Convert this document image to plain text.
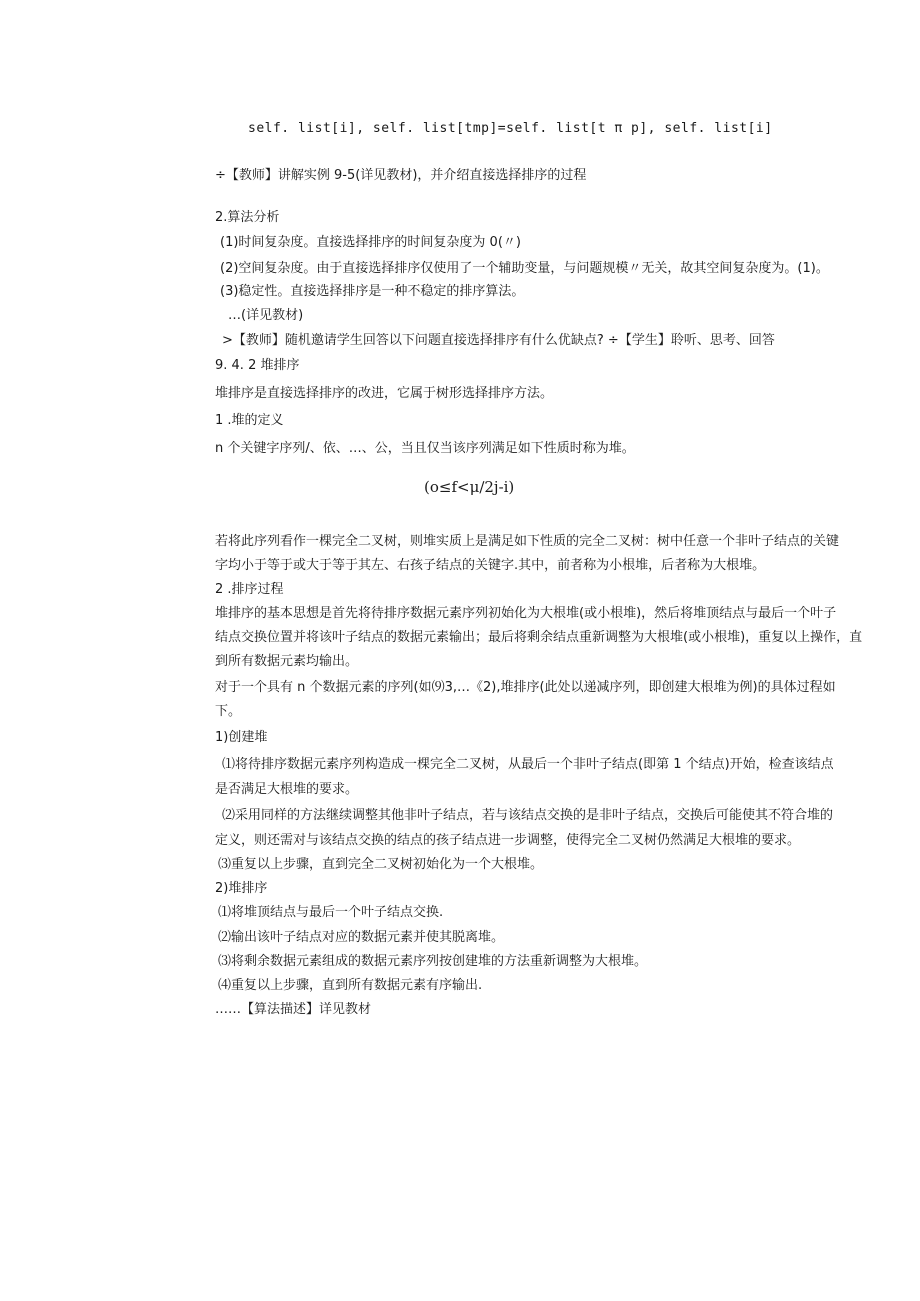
self. list[i], self. list[tmp]=self. list[t π p], self. list[i]
÷【教师】讲解实例 9-5(详见教材)，并介绍直接选择排序的过程
2.算法分析
(1)时间复杂度。直接选择排序的时间复杂度为 0(〃)
(2)空间复杂度。由于直接选择排序仅使用了一个辅助变量，与问题规模〃无关，故其空间复杂度为。(1)。
(3)稳定性。直接选择排序是一种不稳定的排序算法。
…(详见教材)
>【教师】随机邀请学生回答以下问题直接选择排序有什么优缺点? ÷【学生】聆听、思考、回答
9. 4. 2 堆排序
堆排序是直接选择排序的改进，它属于树形选择排序方法。
1 .堆的定义
n 个关键字序列/、依、…、公，当且仅当该序列满足如下性质时称为堆。
(o≤f<μ∕2j-i)
若将此序列看作一棵完全二叉树，则堆实质上是满足如下性质的完全二叉树：树中任意一个非叶子结点的关键
字均小于等于或大于等于其左、右孩子结点的关键字.其中，前者称为小根堆，后者称为大根堆。
2 .排序过程
堆排序的基本思想是首先将待排序数据元素序列初始化为大根堆(或小根堆)，然后将堆顶结点与最后一个叶子
结点交换位置并将该叶子结点的数据元素输出；最后将剩余结点重新调整为大根堆(或小根堆)，重复以上操作，直
到所有数据元素均输出。
对于一个具有 n 个数据元素的序列(如⑼3,…《2),堆排序(此处以递减序列，即创建大根堆为例)的具体过程如
下。
1)创建堆
⑴将待排序数据元素序列构造成一棵完全二叉树，从最后一个非叶子结点(即第 1 个结点)开始，检查该结点
是否满足大根堆的要求。
⑵采用同样的方法继续调整其他非叶子结点，若与该结点交换的是非叶子结点，交换后可能使其不符合堆的
定义，则还需对与该结点交换的结点的孩子结点进一步调整，使得完全二叉树仍然满足大根堆的要求。
⑶重复以上步骤，直到完全二叉树初始化为一个大根堆。
2)堆排序
⑴将堆顶结点与最后一个叶子结点交换.
⑵输出该叶子结点对应的数据元素并使其脱离堆。
⑶将剩余数据元素组成的数据元素序列按创建堆的方法重新调整为大根堆。
⑷重复以上步骤，直到所有数据元素有序输出.
……【算法描述】详见教材
